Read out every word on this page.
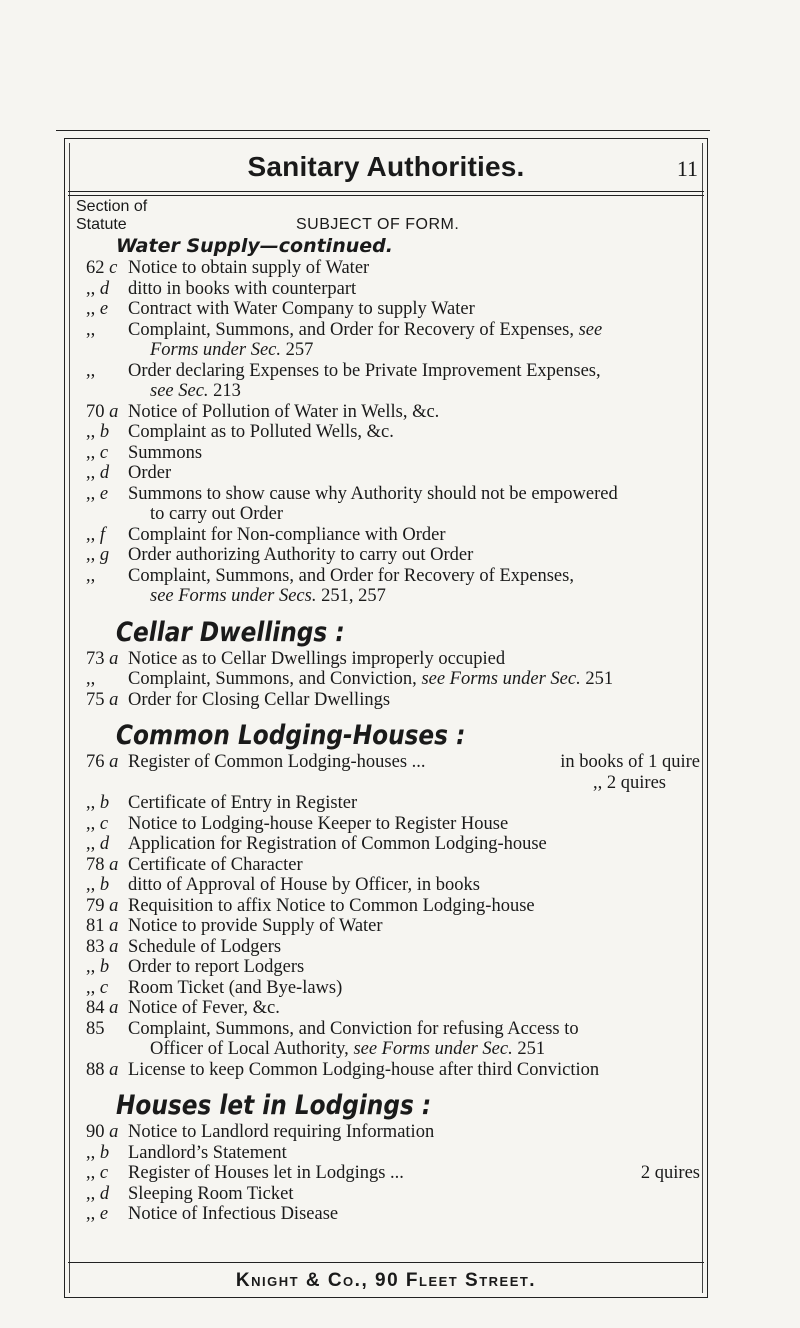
Sanitary Authorities.	11
Section of
Statute	SUBJECT OF FORM.
Water Supply—continued.
62 c Notice to obtain supply of Water
,, d	ditto in books with counterpart
,, e	Contract with Water Company to supply Water
,,	Complaint, Summons, and Order for Recovery of Expenses, see
Forms under Sec. 257
,,	Order declaring Expenses to be Private Improvement Expenses,
see Sec. 213
70 a Notice of Pollution of Water in Wells, &c.
,, b	Complaint as to Polluted Wells, &c.
,, c	Summons
,, d	Order
,, e	Summons to show cause why Authority should not be empowered
to carry out Order
,, f	Complaint for Non-compliance with Order
,, g	Order authorizing Authority to carry out Order
,,	Complaint, Summons, and Order for Recovery of Expenses,
see Forms under Secs. 251, 257
Cellar Dwellings :
73 a Notice as to Cellar Dwellings improperly occupied
,,	Complaint, Summons, and Conviction, see Forms under Sec. 251
75 a Order for Closing Cellar Dwellings
Common Lodging-Houses :
76 a Register of Common Lodging-houses ...	in books of 1 quire
,, 2 quires
,, b	Certificate of Entry in Register
,, c	Notice to Lodging-house Keeper to Register House
,, d	Application for Registration of Common Lodging-house
78 a Certificate of Character
,, b	ditto of Approval of House by Officer, in books
79 a Requisition to affix Notice to Common Lodging-house
81 a Notice to provide Supply of Water
83 a Schedule of Lodgers
,, b	Order to report Lodgers
,, c	Room Ticket (and Bye-laws)
84 a Notice of Fever, &c.
85	Complaint, Summons, and Conviction for refusing Access to
Officer of Local Authority, see Forms under Sec. 251
88 a License to keep Common Lodging-house after third Conviction
Houses let in Lodgings :
90 a Notice to Landlord requiring Information
,, b	Landlord’s Statement
,, c	Register of Houses let in Lodgings ...	2 quires
,, d	Sleeping Room Ticket
,, e	Notice of Infectious Disease
Knight & Co., 90 Fleet Street.
